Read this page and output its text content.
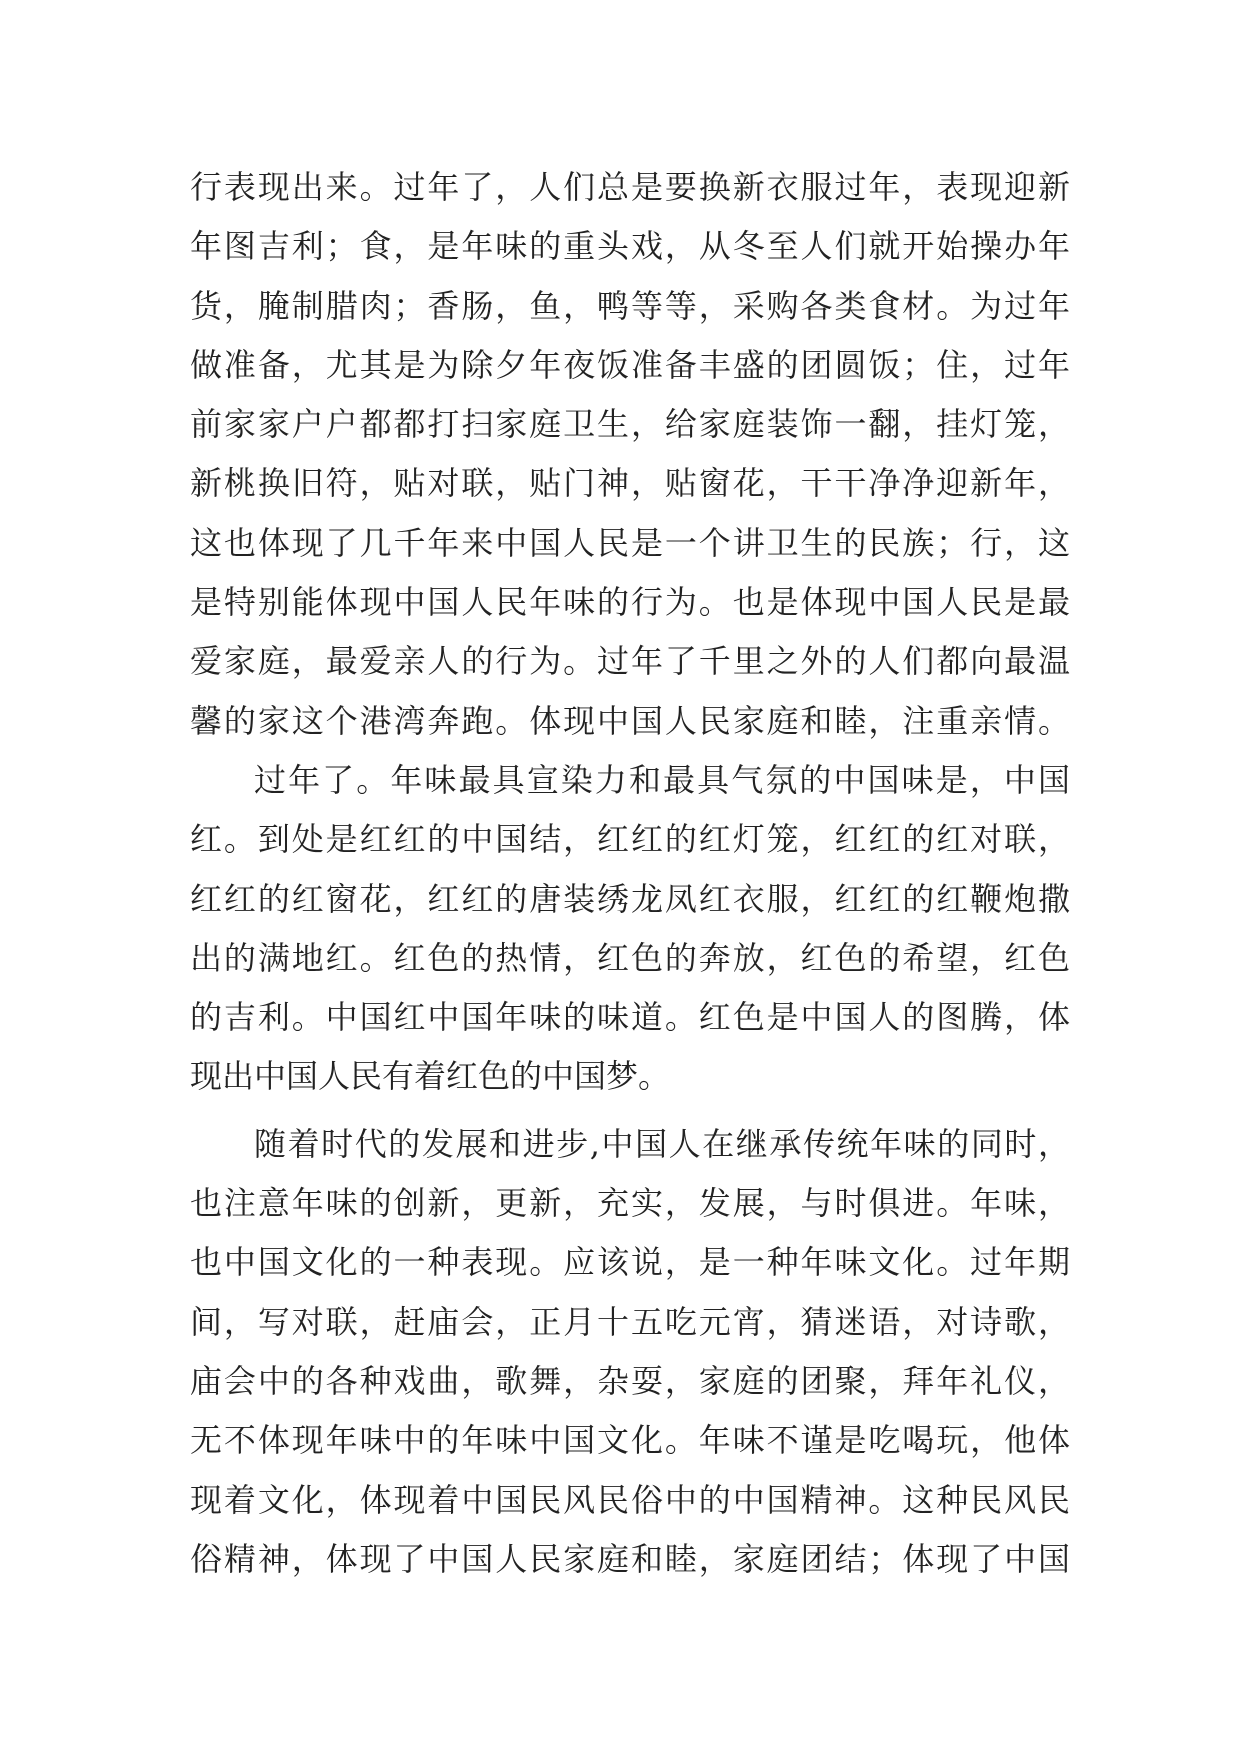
行表现出来。过年了，人们总是要换新衣服过年，表现迎新
年图吉利；食，是年味的重头戏，从冬至人们就开始操办年
货，腌制腊肉；香肠，鱼，鸭等等，采购各类食材。为过年
做准备，尤其是为除夕年夜饭准备丰盛的团圆饭；住，过年
前家家户户都都打扫家庭卫生，给家庭装饰一翻，挂灯笼，
新桃换旧符，贴对联，贴门神，贴窗花，干干净净迎新年，
这也体现了几千年来中国人民是一个讲卫生的民族；行，这
是特别能体现中国人民年味的行为。也是体现中国人民是最
爱家庭，最爱亲人的行为。过年了千里之外的人们都向最温
馨的家这个港湾奔跑。体现中国人民家庭和睦，注重亲情。
过年了。年味最具宣染力和最具气氛的中国味是，中国
红。到处是红红的中国结，红红的红灯笼，红红的红对联，
红红的红窗花，红红的唐装绣龙凤红衣服，红红的红鞭炮撒
出的满地红。红色的热情，红色的奔放，红色的希望，红色
的吉利。中国红中国年味的味道。红色是中国人的图腾，体
现出中国人民有着红色的中国梦。
随着时代的发展和进步,中国人在继承传统年味的同时，
也注意年味的创新，更新，充实，发展，与时俱进。年味，
也中国文化的一种表现。应该说，是一种年味文化。过年期
间，写对联，赶庙会，正月十五吃元宵，猜迷语，对诗歌，
庙会中的各种戏曲，歌舞，杂耍，家庭的团聚，拜年礼仪，
无不体现年味中的年味中国文化。年味不谨是吃喝玩，他体
现着文化，体现着中国民风民俗中的中国精神。这种民风民
俗精神，体现了中国人民家庭和睦，家庭团结；体现了中国
